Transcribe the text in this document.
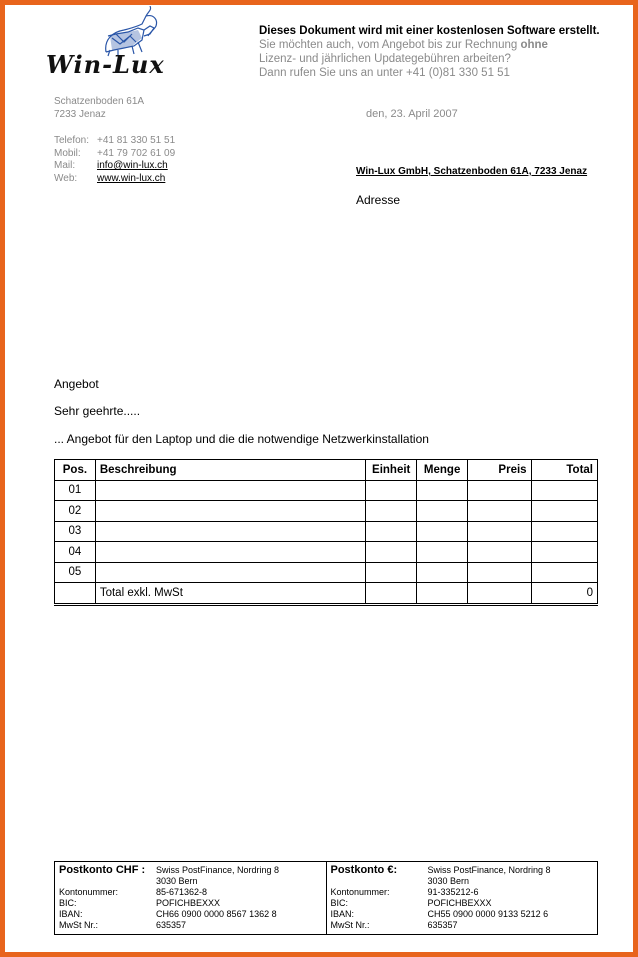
Win-Lux
Dieses Dokument wird mit einer kostenlosen Software erstellt.
Sie möchten auch, vom Angebot bis zur Rechnung ohne
Lizenz- und jährlichen Updategebühren arbeiten?
Dann rufen Sie uns an unter +41 (0)81 330 51 51
Schatzenboden 61A
7233 Jenaz
Telefon: +41 81 330 51 51
Mobil: +41 79 702 61 09
Mail: info@win-lux.ch
Web: www.win-lux.ch
den, 23. April 2007
Win-Lux GmbH, Schatzenboden 61A, 7233 Jenaz
Adresse
Angebot
Sehr geehrte.....
... Angebot für den Laptop und die die notwendige Netzwerkinstallation
Pos.	Beschreibung	Einheit	Menge	Preis	Total
01					
02					
03					
04					
05					
	Total exkl. MwSt				0
Postkonto CHF :	Swiss PostFinance, Nordring 8
3030 Bern
Kontonummer:	85-671362-8
BIC:	POFICHBEXXX
IBAN:	CH66 0900 0000 8567 1362 8
MwSt Nr.:	635357

Postkonto €:	Swiss PostFinance, Nordring 8
3030 Bern
Kontonummer:	91-335212-6
BIC:	POFICHBEXXX
IBAN:	CH55 0900 0000 9133 5212 6
MwSt Nr.:	635357
